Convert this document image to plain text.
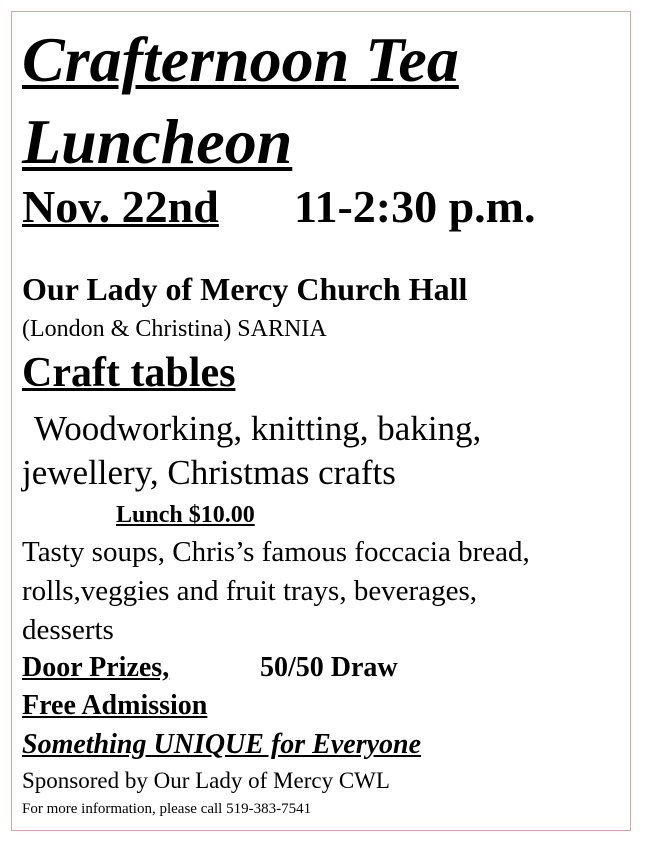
Crafternoon Tea
Luncheon
Nov. 22nd 11-2:30 p.m.
Our Lady of Mercy Church Hall
(London & Christina) SARNIA
Craft tables
Woodworking, knitting, baking,
jewellery, Christmas crafts
Lunch $10.00
Tasty soups, Chris’s famous foccacia bread,
rolls,veggies and fruit trays, beverages,
desserts
Door Prizes,	50/50 Draw
Free Admission
Something UNIQUE for Everyone
Sponsored by Our Lady of Mercy CWL
For more information, please call 519-383-7541
